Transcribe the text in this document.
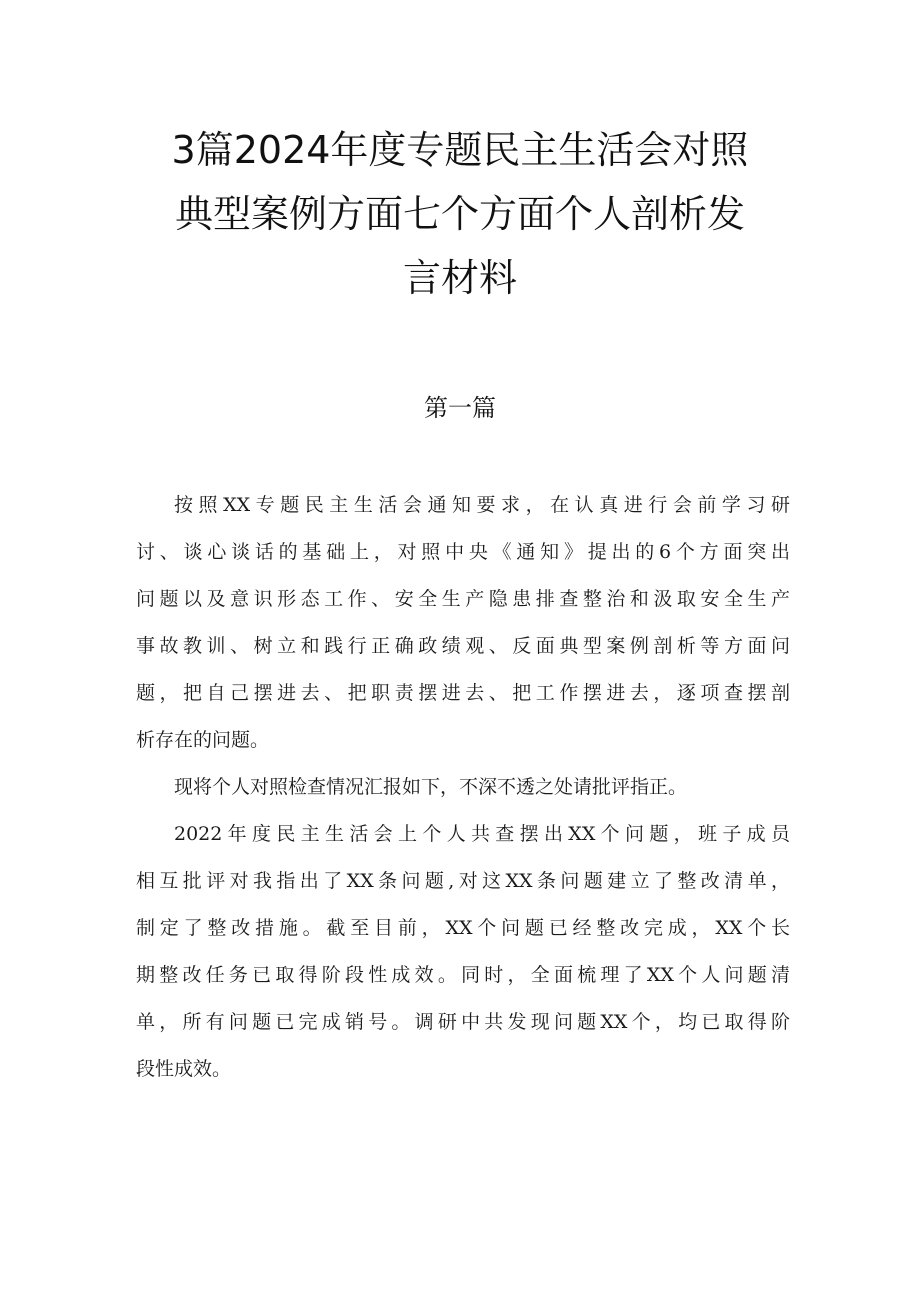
3篇2024年度专题民主生活会对照
典型案例方面七个方面个人剖析发
言材料
第一篇

按照XX专题民主生活会通知要求，在认真进行会前学习研
讨、谈心谈话的基础上，对照中央《通知》提出的6个方面突出
问题以及意识形态工作、安全生产隐患排查整治和汲取安全生产
事故教训、树立和践行正确政绩观、反面典型案例剖析等方面问
题，把自己摆进去、把职责摆进去、把工作摆进去，逐项查摆剖
析存在的问题。

现将个人对照检查情况汇报如下，不深不透之处请批评指正。

2022年度民主生活会上个人共查摆出XX个问题，班子成员
相互批评对我指出了XX条问题,对这XX条问题建立了整改清单，
制定了整改措施。截至目前，XX个问题已经整改完成，XX个长
期整改任务已取得阶段性成效。同时，全面梳理了XX个人问题清
单，所有问题已完成销号。调研中共发现问题XX个，均已取得阶
段性成效。
